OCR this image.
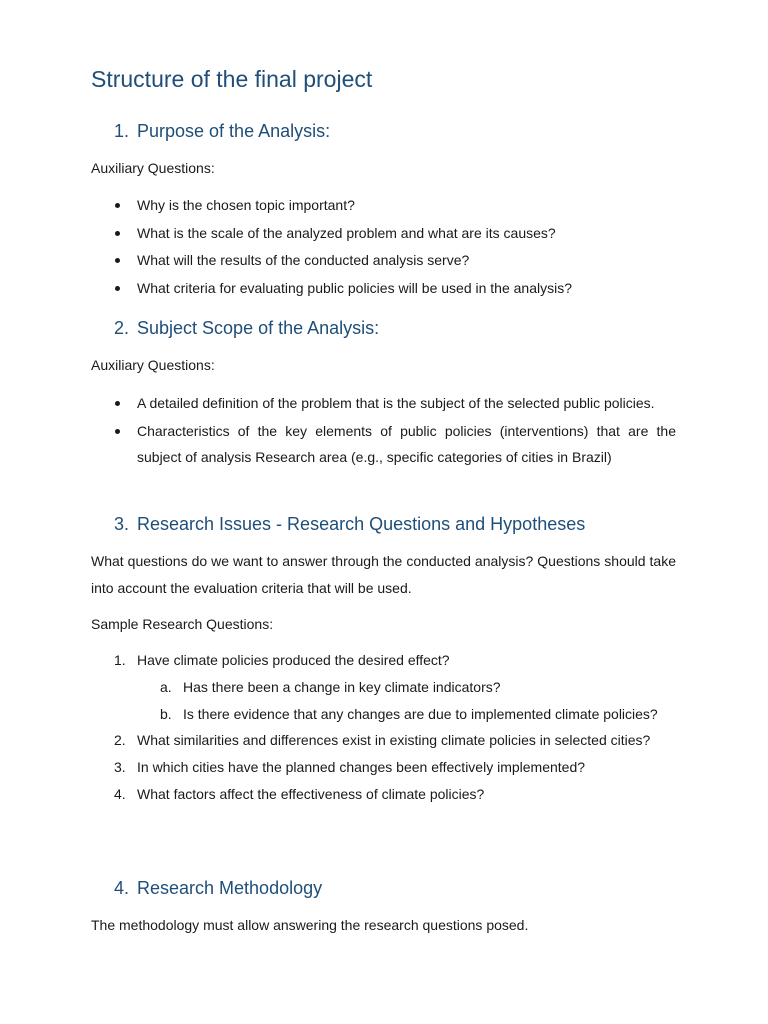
Structure of the final project
1. Purpose of the Analysis:

Auxiliary Questions:

Why is the chosen topic important?
What is the scale of the analyzed problem and what are its causes?
What will the results of the conducted analysis serve?
What criteria for evaluating public policies will be used in the analysis?
2. Subject Scope of the Analysis:

Auxiliary Questions:

A detailed definition of the problem that is the subject of the selected public policies.
Characteristics of the key elements of public policies (interventions) that are the subject of analysis Research area (e.g., specific categories of cities in Brazil)
3. Research Issues - Research Questions and Hypotheses

What questions do we want to answer through the conducted analysis? Questions should take into account the evaluation criteria that will be used.

Sample Research Questions:

1. Have climate policies produced the desired effect?
a. Has there been a change in key climate indicators?
b. Is there evidence that any changes are due to implemented climate policies?
2. What similarities and differences exist in existing climate policies in selected cities?
3. In which cities have the planned changes been effectively implemented?
4. What factors affect the effectiveness of climate policies?
4. Research Methodology

The methodology must allow answering the research questions posed.
